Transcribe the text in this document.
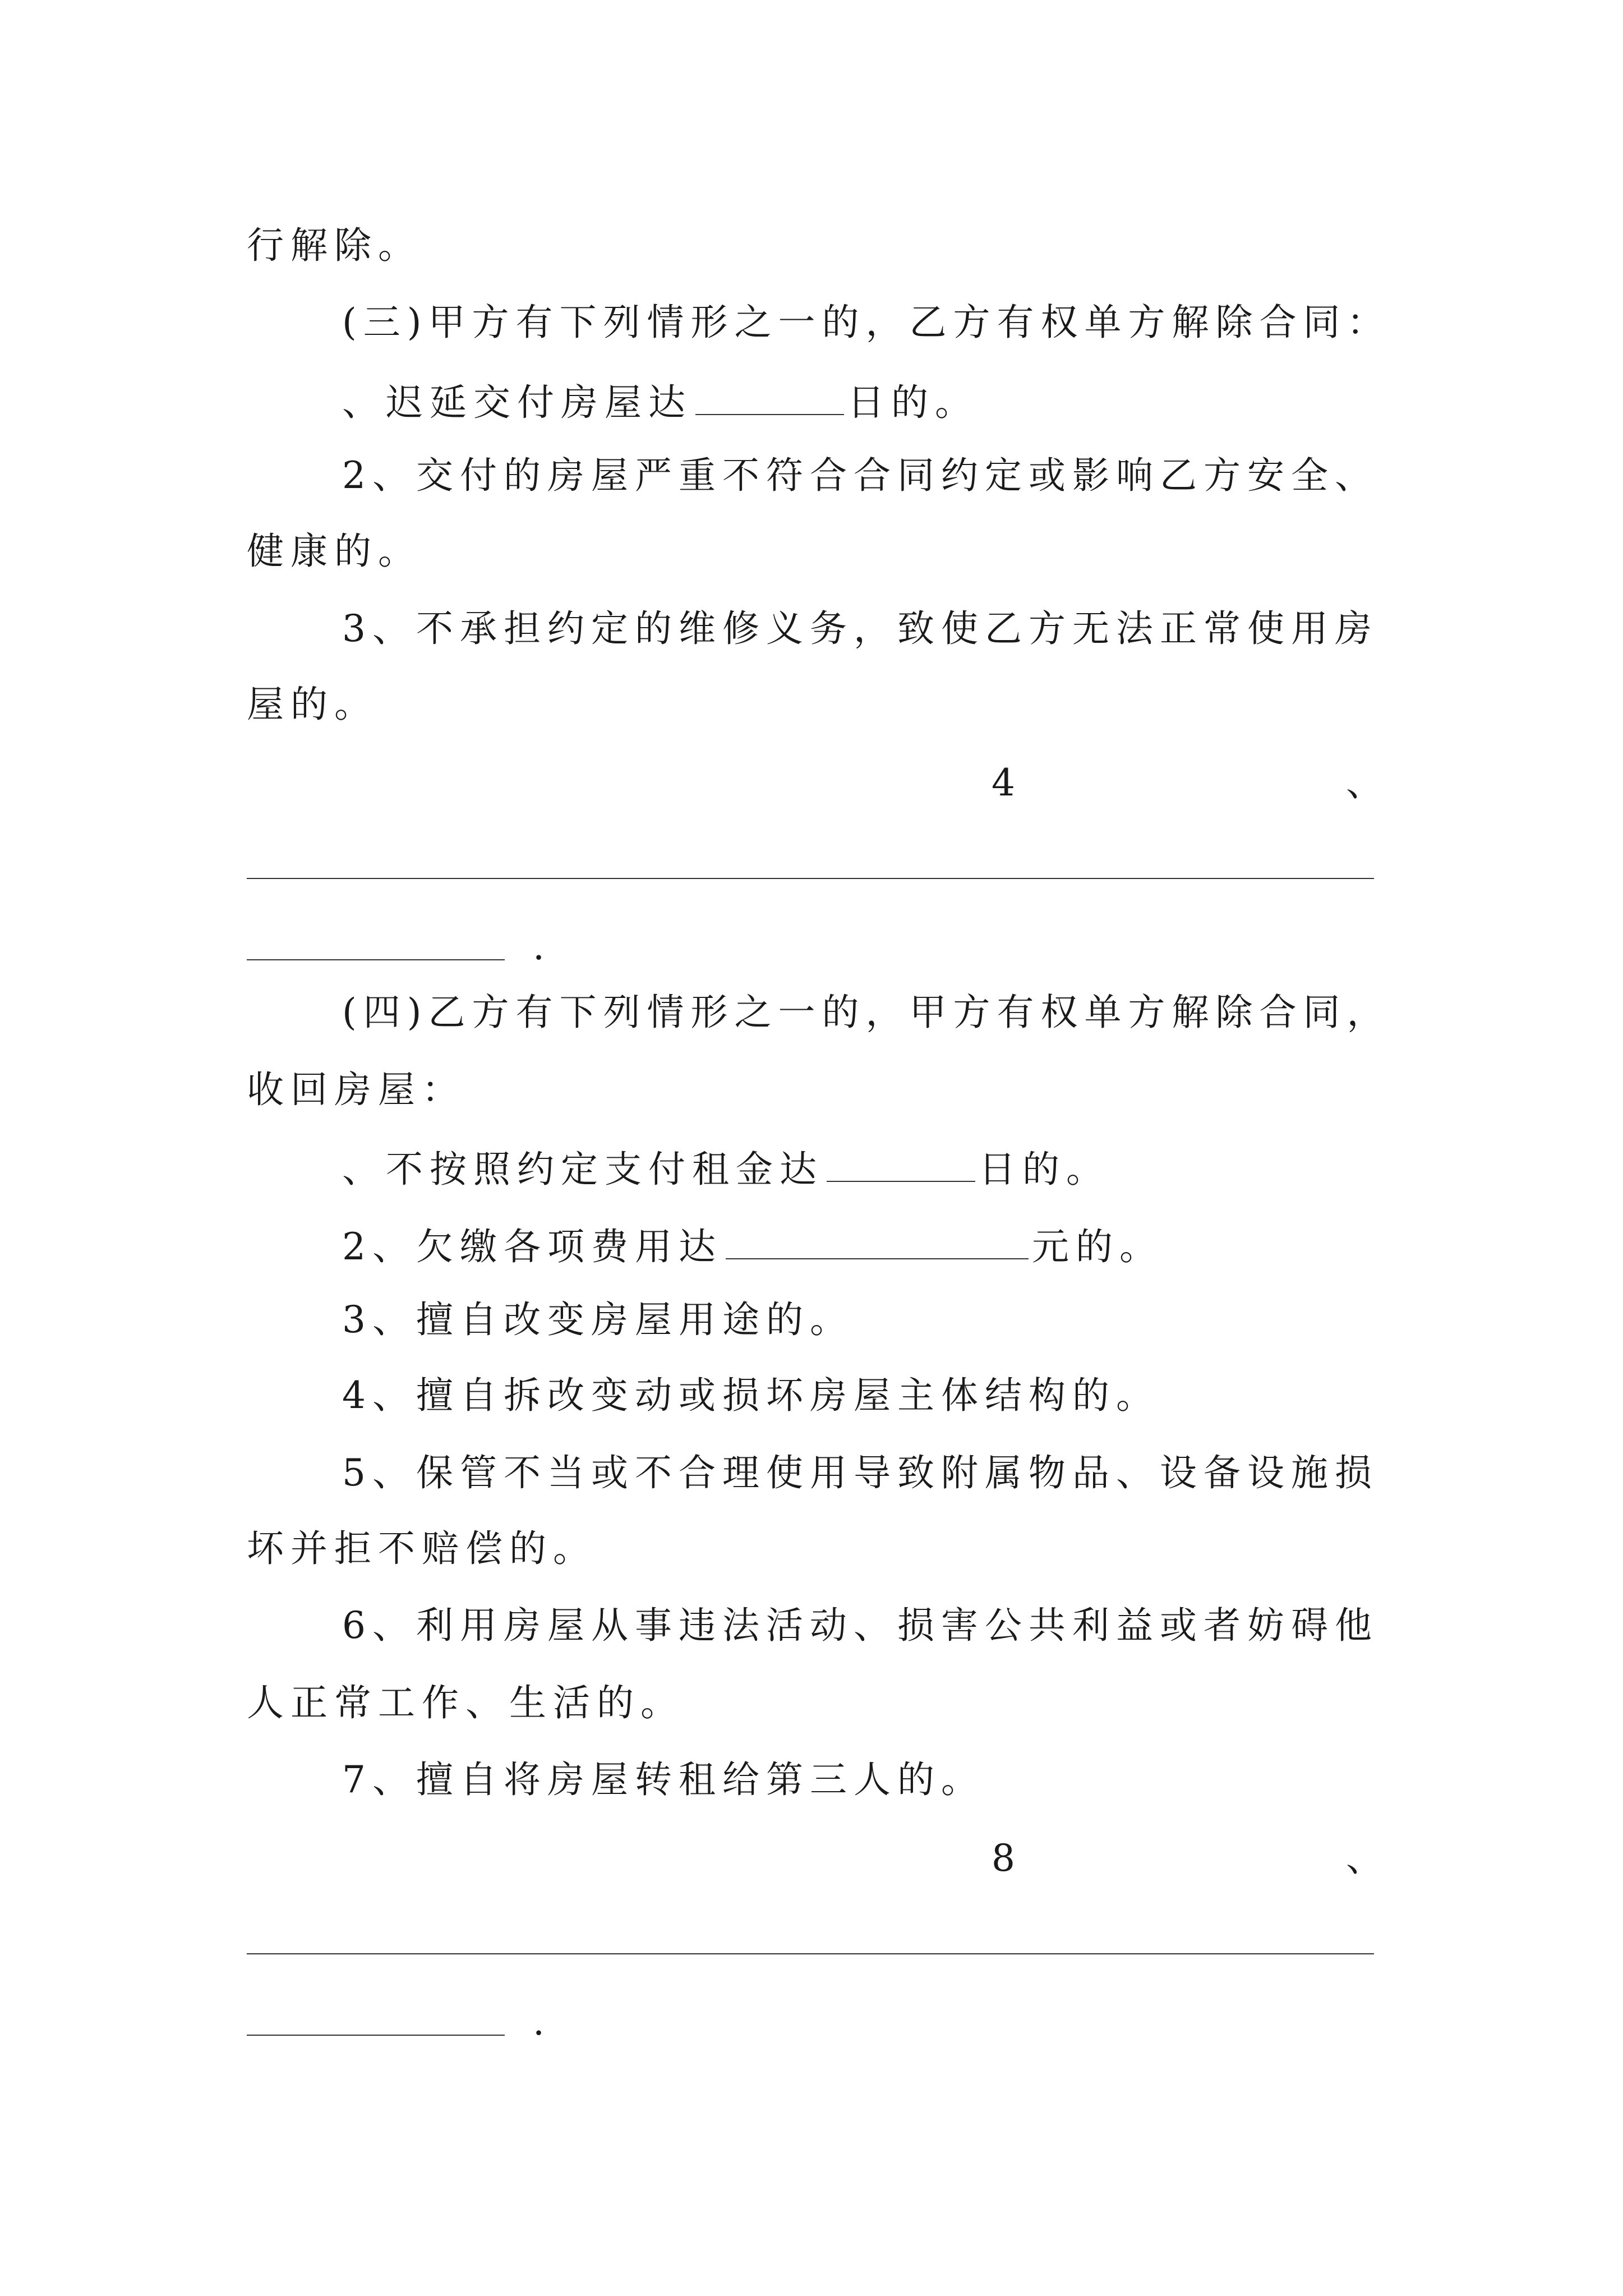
行解除。
(三)甲方有下列情形之一的，乙方有权单方解除合同：
、迟延交付房屋达	日的。
2、交付的房屋严重不符合合同约定或影响乙方安全、
健康的。
3、不承担约定的维修义务，致使乙方无法正常使用房
屋的。
4	、
.
(四)乙方有下列情形之一的，甲方有权单方解除合同，
收回房屋：
、不按照约定支付租金达	日的。
2、欠缴各项费用达	元的。
3、擅自改变房屋用途的。
4、擅自拆改变动或损坏房屋主体结构的。
5、保管不当或不合理使用导致附属物品、设备设施损
坏并拒不赔偿的。
6、利用房屋从事违法活动、损害公共利益或者妨碍他
人正常工作、生活的。
7、擅自将房屋转租给第三人的。
8	、
.
